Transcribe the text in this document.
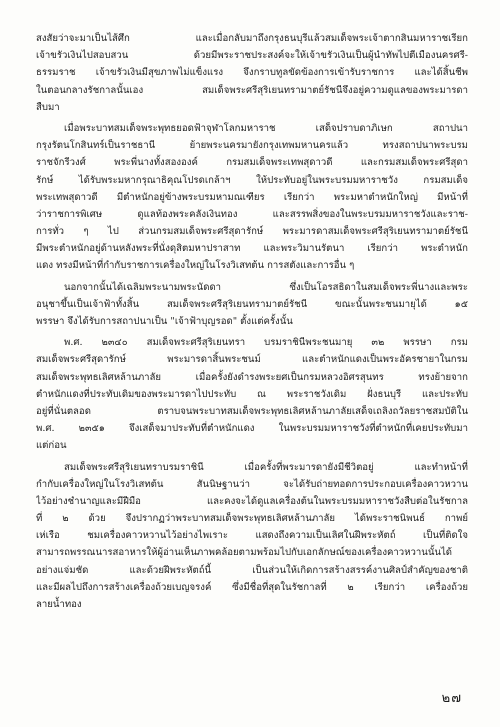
สงสัยว่าจะมาเป็นไส้ศึก และเมื่อกลับมาถึงกรุงธนบุรีแล้วสมเด็จพระเจ้าตากสินมหาราชเรียก
เจ้าขรัวเงินไปสอบสวน ด้วยมีพระราชประสงค์จะให้เจ้าขรัวเงินเป็นผู้นำทัพไปตีเมืองนครศรี-
ธรรมราช เจ้าขรัวเงินมีสุขภาพไม่แข็งแรง จึงกราบทูลขัดข้องการเข้ารับราชการ และได้สิ้นชีพ
ในตอนกลางรัชกาลนั้นเอง สมเด็จพระศรีสุริเยนทรามาตย์รัชนีจึงอยู่ความดูแลของพระมารดา
สืบมา
เมื่อพระบาทสมเด็จพระพุทธยอดฟ้าจุฬาโลกมหาราช เสด็จปราบดาภิเษก สถาปนา
กรุงรัตนโกสินทร์เป็นราชธานี ย้ายพระนครมายังกรุงเทพมหานครแล้ว ทรงสถาปนาพระบรม
ราชจักรีวงศ์ พระพี่นางทั้งสององค์ กรมสมเด็จพระเทพสุดาวดี และกรมสมเด็จพระศรีสุดา
รักษ์ ได้รับพระมหากรุณาธิคุณโปรดเกล้าฯ ให้ประทับอยู่ในพระบรมมหาราชวัง กรมสมเด็จ
พระเทพสุดาวดี มีตำหนักอยู่ข้างพระบรมหามณเฑียร เรียกว่า พระมหาตำหนักใหญ่ มีหน้าที่
ว่าราชการพิเศษ ดูแลท้องพระคลังเงินทอง และสรรพสิ่งของในพระบรมมหาราชวังและราช-
การทั่ว ๆ ไป ส่วนกรมสมเด็จพระศรีสุดารักษ์ พระมารดาสมเด็จพระศรีสุริเยนทรามาตย์รัชนี
มีพระตำหนักอยู่ด้านหลังพระที่นั่งดุสิตมหาปราสาท และพระวิมานรัตนา เรียกว่า พระตำหนัก
แดง ทรงมีหน้าที่กำกับราชการเครื่องใหญ่ในโรงวิเสทต้น การสตังและการอื่น ๆ
นอกจากนั้นได้เฉลิมพระนามพระนัดดา ซึ่งเป็นโอรสธิดาในสมเด็จพระพี่นางและพระ
อนุชาขึ้นเป็นเจ้าฟ้าทั้งสิ้น สมเด็จพระศรีสุริเยนทรามาตย์รัชนี ขณะนั้นพระชนมายุได้ ๑๕
พรรษา จึงได้รับการสถาปนาเป็น "เจ้าฟ้าบุญรอด" ตั้งแต่ครั้งนั้น
พ.ศ. ๒๓๔๐ สมเด็จพระศรีสุริเยนทรา บรมราชินีพระชนมายุ ๓๒ พรรษา กรม
สมเด็จพระศรีสุดารักษ์ พระมารดาสิ้นพระชนม์ และตำหนักแดงเป็นพระอัครชายาในกรม
สมเด็จพระพุทธเลิศหล้านภาลัย เมื่อครั้งยังดำรงพระยศเป็นกรมหลวงอิศรสุนทร ทรงย้ายจาก
ตำหนักแดงที่ประทับเดิมของพระมารดาไปประทับ ณ พระราชวังเดิม ฝั่งธนบุรี และประทับ
อยู่ที่นั่นตลอด ตราบจนพระบาทสมเด็จพระพุทธเลิศหล้านภาลัยเสด็จเถลิงถวัลยราชสมบัติใน
พ.ศ. ๒๓๕๑ จึงเสด็จมาประทับที่ตำหนักแดง ในพระบรมมหาราชวังที่ตำหนักที่เคยประทับมา
แต่ก่อน
สมเด็จพระศรีสุริเยนทราบรมราชินี เมื่อครั้งที่พระมารดายังมีชีวิตอยู่ และทำหน้าที่
กำกับเครื่องใหญ่ในโรงวิเสทต้น สันนิษฐานว่า จะได้รับถ่ายทอดการประกอบเครื่องคาวหวาน
ไว้อย่างชำนาญและมีฝีมือ และคงจะได้ดูแลเครื่องต้นในพระบรมมหาราชวังสืบต่อในรัชกาล
ที่ ๒ ด้วย จึงปรากฏว่าพระบาทสมเด็จพระพุทธเลิศหล้านภาลัย ได้พระราชนิพนธ์ กาพย์
เห่เรือ ชมเครื่องคาวหวานไว้อย่างไพเราะ แสดงถึงความเป็นเลิศในฝีพระหัตถ์ เป็นที่ติดใจ
สามารถพรรณนารสอาหารให้ผู้อ่านเห็นภาพคล้อยตามพร้อมไปกับเอกลักษณ์ของเครื่องคาวหวานนั้นได้
อย่างแจ่มชัด และด้วยฝีพระหัตถ์นี้ เป็นส่วนให้เกิดการสร้างสรรค์งานศิลป์สำคัญของชาติ
และมีผลไปถึงการสร้างเครื่องถ้วยเบญจรงค์ ซึ่งมีชื่อที่สุดในรัชกาลที่ ๒ เรียกว่า เครื่องถ้วย
ลายน้ำทอง
๒๗
